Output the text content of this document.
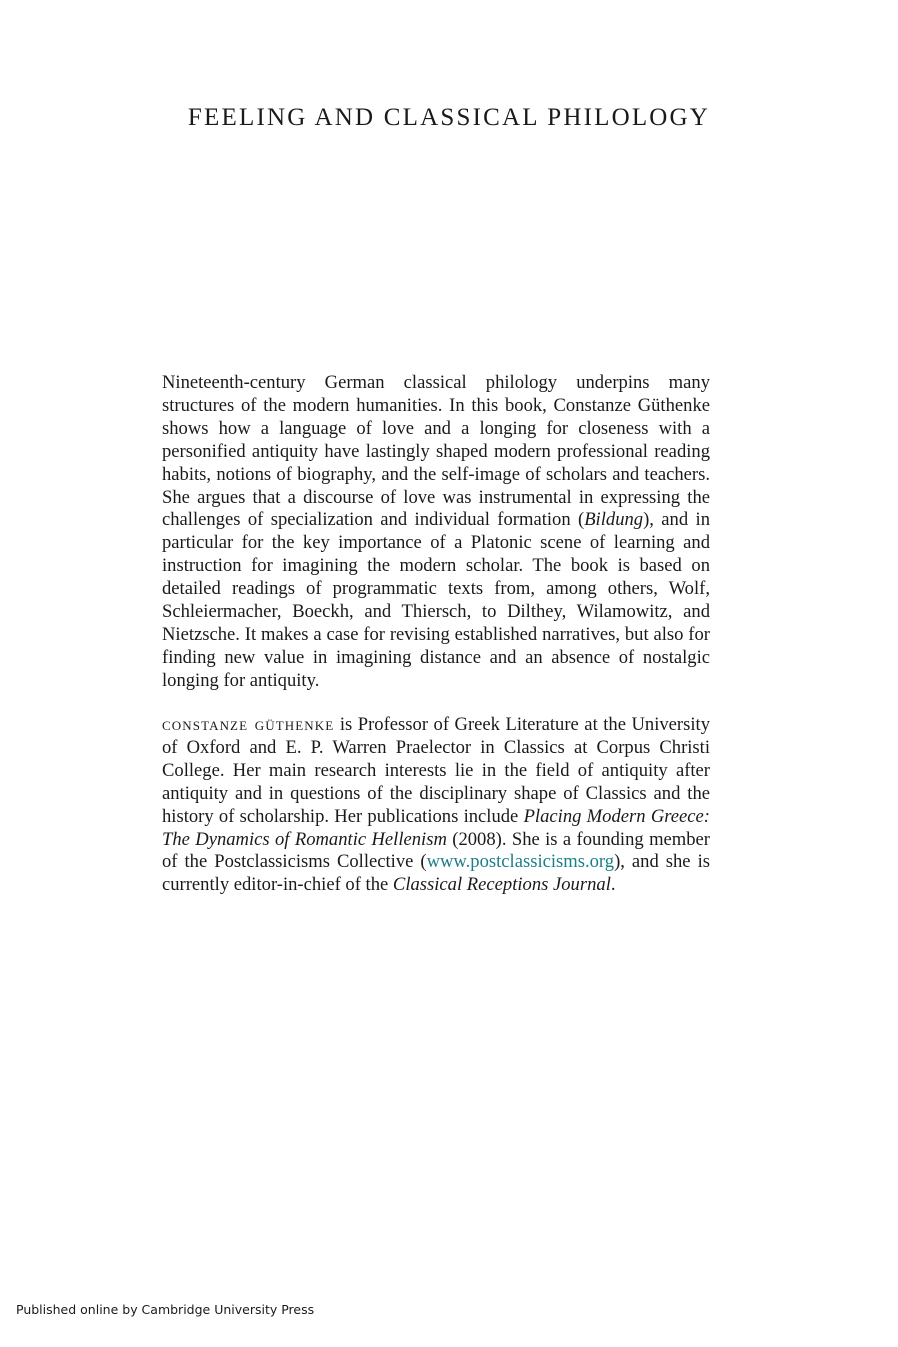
FEELING AND CLASSICAL PHILOLOGY

Nineteenth-century German classical philology underpins many structures of the modern humanities. In this book, Constanze Güthenke shows how a language of love and a longing for closeness with a personified antiquity have lastingly shaped modern professional reading habits, notions of biography, and the self-image of scholars and teachers. She argues that a discourse of love was instrumental in expressing the challenges of specialization and individual formation (Bildung), and in particular for the key importance of a Platonic scene of learning and instruction for imagining the modern scholar. The book is based on detailed readings of programmatic texts from, among others, Wolf, Schleiermacher, Boeckh, and Thiersch, to Dilthey, Wilamowitz, and Nietzsche. It makes a case for revising established narratives, but also for finding new value in imagining distance and an absence of nostalgic longing for antiquity.

constanze güthenke is Professor of Greek Literature at the University of Oxford and E. P. Warren Praelector in Classics at Corpus Christi College. Her main research interests lie in the field of antiquity after antiquity and in questions of the disciplinary shape of Classics and the history of scholarship. Her publications include Placing Modern Greece: The Dynamics of Romantic Hellenism (2008). She is a founding member of the Postclassicisms Collective (www.postclassicisms.org), and she is currently editor-in-chief of the Classical Receptions Journal.

Published online by Cambridge University Press
